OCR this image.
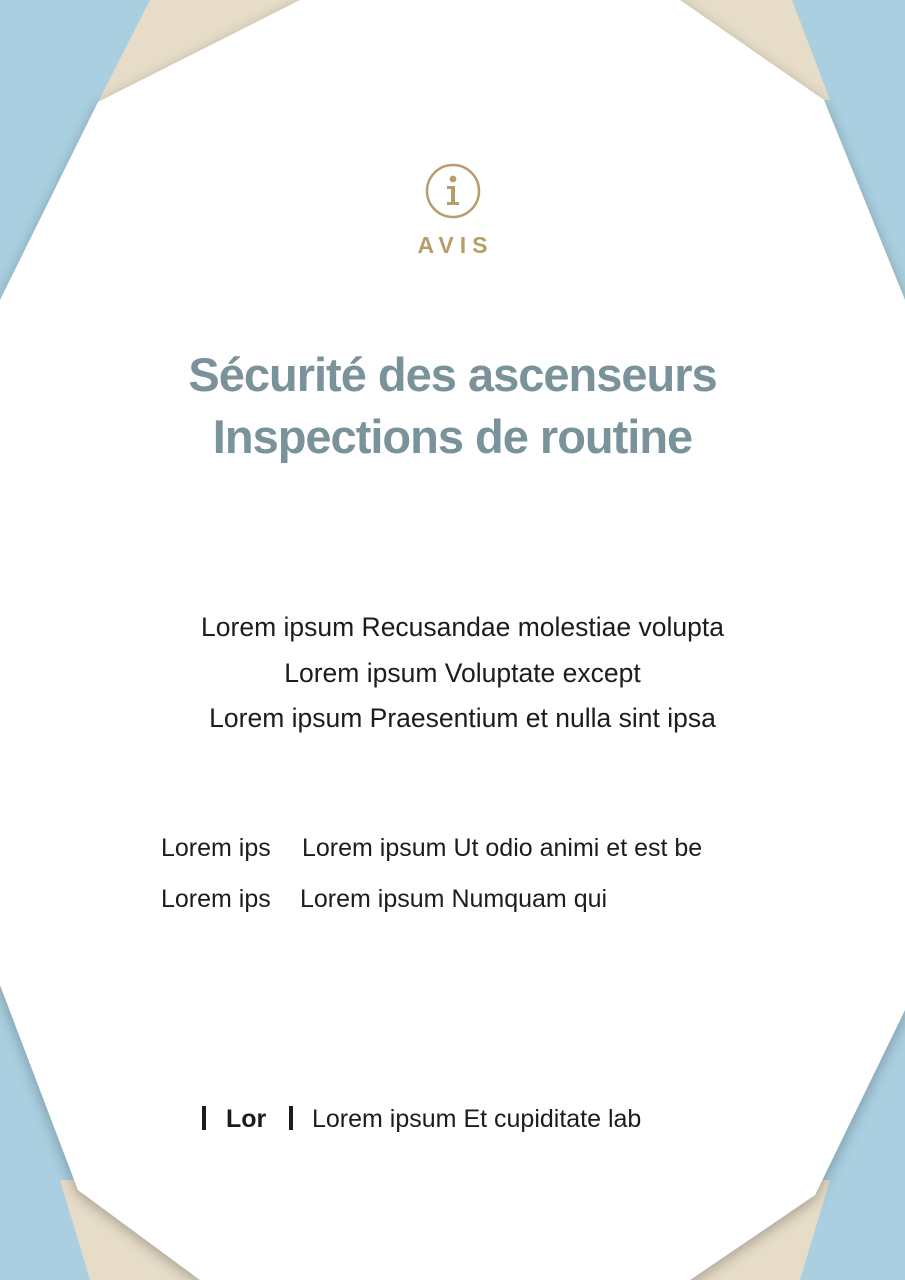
AVIS
Sécurité des ascenseurs
Inspections de routine
Lorem ipsum Recusandae molestiae volupta
Lorem ipsum Voluptate except
Lorem ipsum Praesentium et nulla sint ipsa
Lorem ips Lorem ipsum Ut odio animi et est be
Lorem ips Lorem ipsum Numquam qui
Lor Lorem ipsum Et cupiditate lab
